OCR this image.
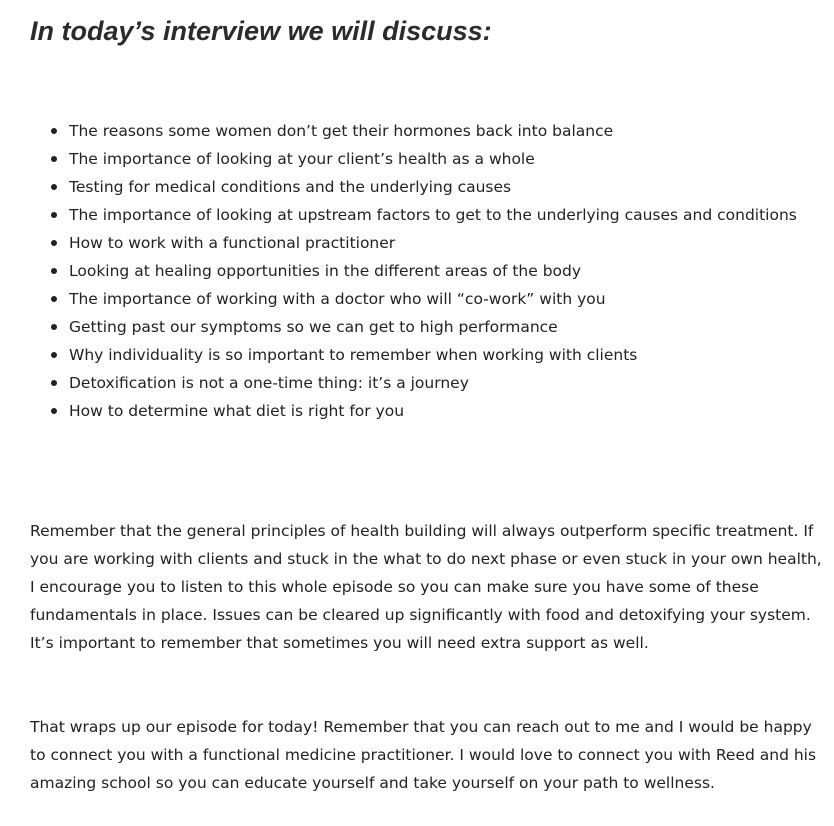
In today’s interview we will discuss:
The reasons some women don’t get their hormones back into balance
The importance of looking at your client’s health as a whole
Testing for medical conditions and the underlying causes
The importance of looking at upstream factors to get to the underlying causes and conditions
How to work with a functional practitioner
Looking at healing opportunities in the different areas of the body
The importance of working with a doctor who will “co-work” with you
Getting past our symptoms so we can get to high performance
Why individuality is so important to remember when working with clients
Detoxification is not a one-time thing: it’s a journey
How to determine what diet is right for you

Remember that the general principles of health building will always outperform specific treatment. If you are working with clients and stuck in the what to do next phase or even stuck in your own health, I encourage you to listen to this whole episode so you can make sure you have some of these fundamentals in place. Issues can be cleared up significantly with food and detoxifying your system. It’s important to remember that sometimes you will need extra support as well.

That wraps up our episode for today! Remember that you can reach out to me and I would be happy to connect you with a functional medicine practitioner. I would love to connect you with Reed and his amazing school so you can educate yourself and take yourself on your path to wellness.
